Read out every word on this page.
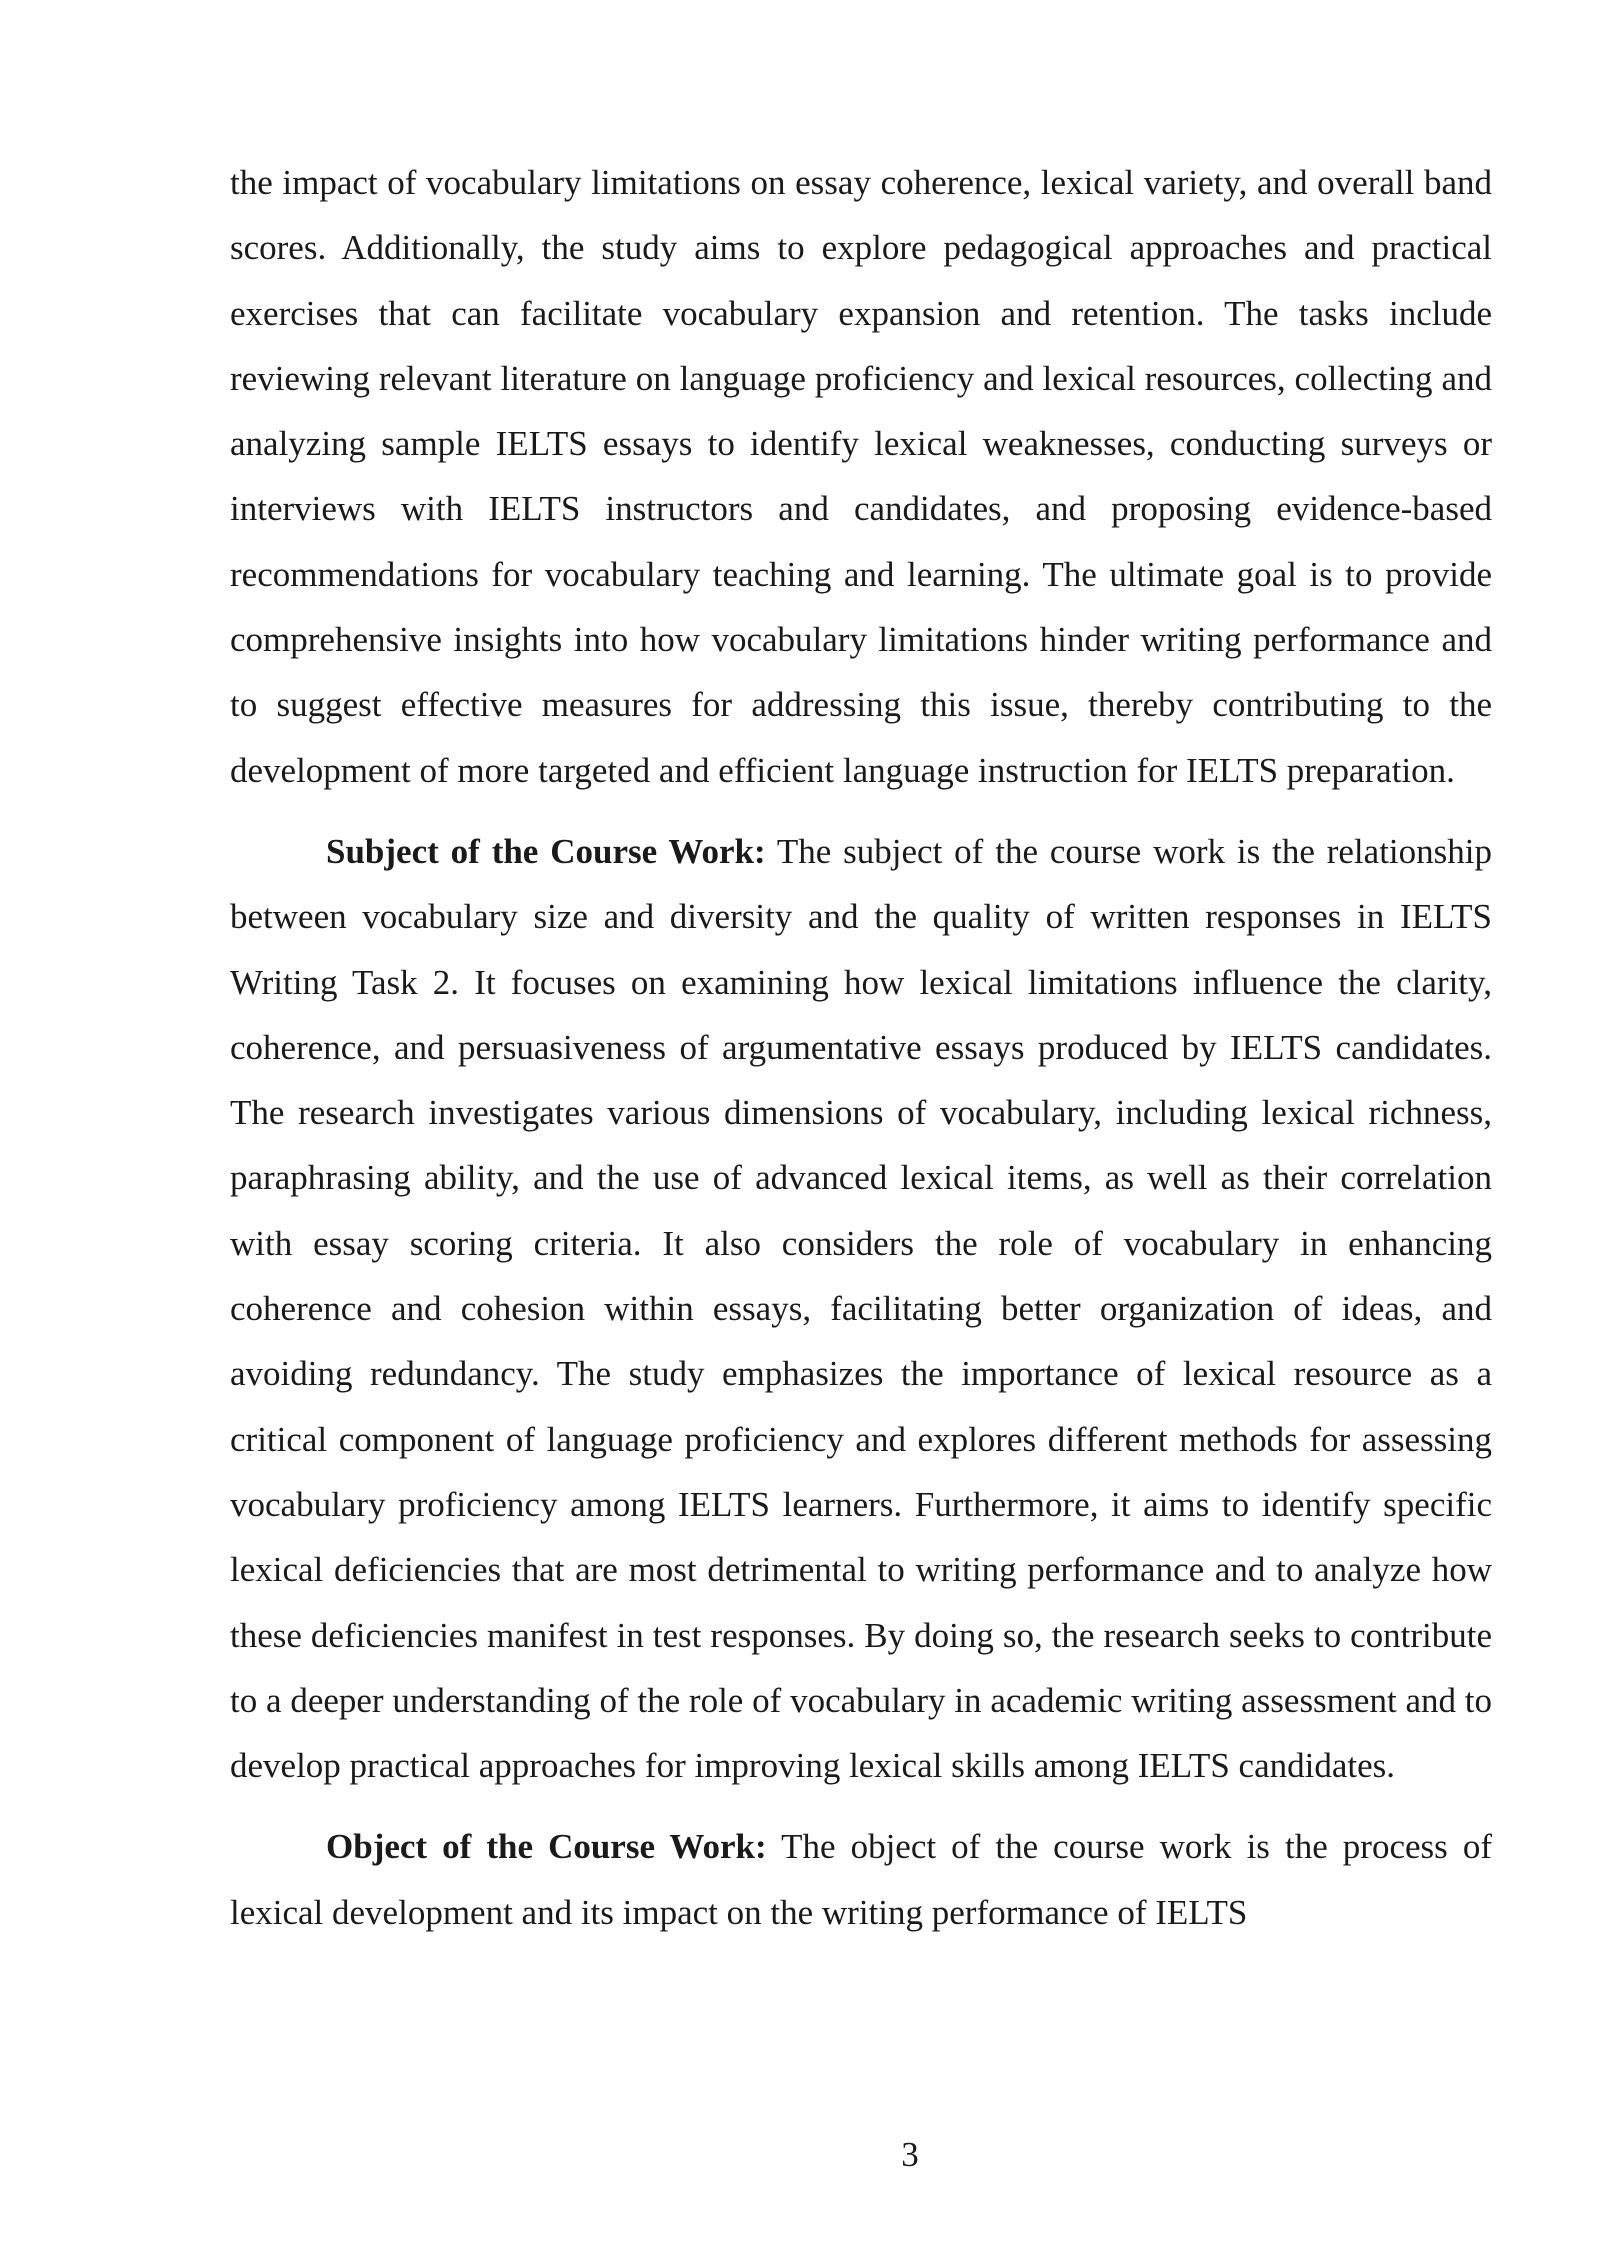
the impact of vocabulary limitations on essay coherence, lexical variety, and overall band scores. Additionally, the study aims to explore pedagogical approaches and practical exercises that can facilitate vocabulary expansion and retention. The tasks include reviewing relevant literature on language proficiency and lexical resources, collecting and analyzing sample IELTS essays to identify lexical weaknesses, conducting surveys or interviews with IELTS instructors and candidates, and proposing evidence-based recommendations for vocabulary teaching and learning. The ultimate goal is to provide comprehensive insights into how vocabulary limitations hinder writing performance and to suggest effective measures for addressing this issue, thereby contributing to the development of more targeted and efficient language instruction for IELTS preparation.

Subject of the Course Work: The subject of the course work is the relationship between vocabulary size and diversity and the quality of written responses in IELTS Writing Task 2. It focuses on examining how lexical limitations influence the clarity, coherence, and persuasiveness of argumentative essays produced by IELTS candidates. The research investigates various dimensions of vocabulary, including lexical richness, paraphrasing ability, and the use of advanced lexical items, as well as their correlation with essay scoring criteria. It also considers the role of vocabulary in enhancing coherence and cohesion within essays, facilitating better organization of ideas, and avoiding redundancy. The study emphasizes the importance of lexical resource as a critical component of language proficiency and explores different methods for assessing vocabulary proficiency among IELTS learners. Furthermore, it aims to identify specific lexical deficiencies that are most detrimental to writing performance and to analyze how these deficiencies manifest in test responses. By doing so, the research seeks to contribute to a deeper understanding of the role of vocabulary in academic writing assessment and to develop practical approaches for improving lexical skills among IELTS candidates.

Object of the Course Work: The object of the course work is the process of lexical development and its impact on the writing performance of IELTS

3
